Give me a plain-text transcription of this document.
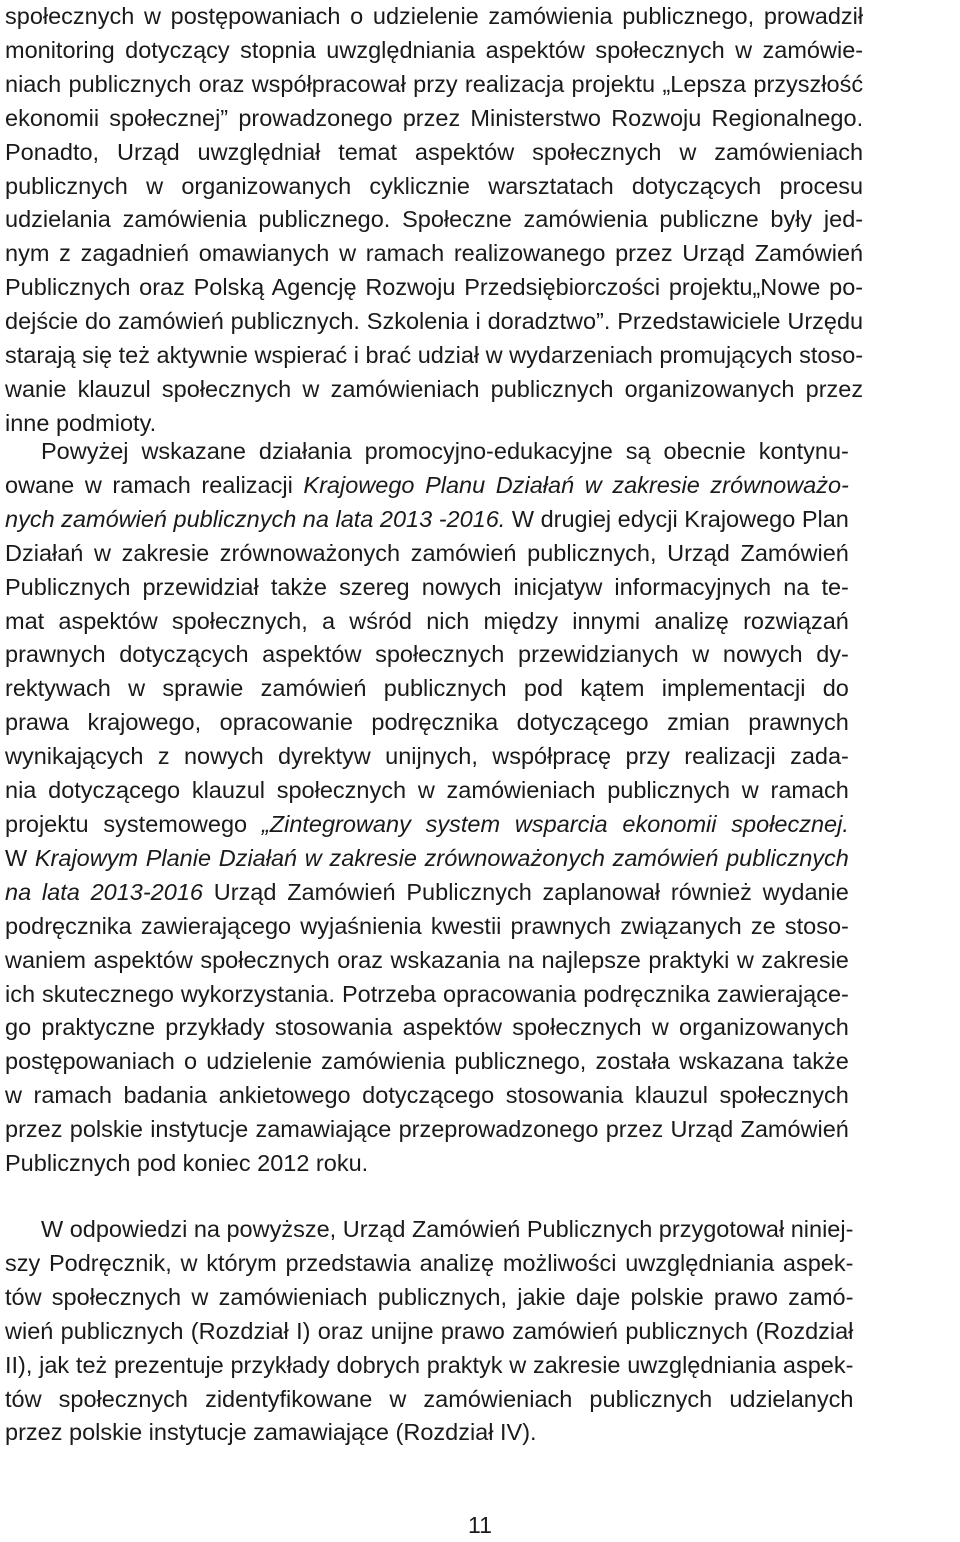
społecznych w postępowaniach o udzielenie zamówienia publicznego, prowadził
monitoring dotyczący stopnia uwzględniania aspektów społecznych w zamówie-
niach publicznych oraz współpracował przy realizacja projektu „Lepsza przyszłość
ekonomii społecznej” prowadzonego przez Ministerstwo Rozwoju Regionalnego.
Ponadto, Urząd uwzględniał temat aspektów społecznych w zamówieniach
publicznych w organizowanych cyklicznie warsztatach dotyczących procesu
udzielania zamówienia publicznego. Społeczne zamówienia publiczne były jed-
nym z zagadnień omawianych w ramach realizowanego przez Urząd Zamówień
Publicznych oraz Polską Agencję Rozwoju Przedsiębiorczości projektu„Nowe po-
dejście do zamówień publicznych. Szkolenia i doradztwo”. Przedstawiciele Urzędu
starają się też aktywnie wspierać i brać udział w wydarzeniach promujących stoso-
wanie klauzul społecznych w zamówieniach publicznych organizowanych przez
inne podmioty.

Powyżej wskazane działania promocyjno-edukacyjne są obecnie kontynu-
owane w ramach realizacji Krajowego Planu Działań w zakresie zrównoważo-
nych zamówień publicznych na lata 2013 -2016. W drugiej edycji Krajowego Plan
Działań w zakresie zrównoważonych zamówień publicznych, Urząd Zamówień
Publicznych przewidział także szereg nowych inicjatyw informacyjnych na te-
mat aspektów społecznych, a wśród nich między innymi analizę rozwiązań
prawnych dotyczących aspektów społecznych przewidzianych w nowych dy-
rektywach w sprawie zamówień publicznych pod kątem implementacji do
prawa krajowego, opracowanie podręcznika dotyczącego zmian prawnych
wynikających z nowych dyrektyw unijnych, współpracę przy realizacji zada-
nia dotyczącego klauzul społecznych w zamówieniach publicznych w ramach
projektu systemowego „Zintegrowany system wsparcia ekonomii społecznej.
W Krajowym Planie Działań w zakresie zrównoważonych zamówień publicznych
na lata 2013-2016 Urząd Zamówień Publicznych zaplanował również wydanie
podręcznika zawierającego wyjaśnienia kwestii prawnych związanych ze stoso-
waniem aspektów społecznych oraz wskazania na najlepsze praktyki w zakresie
ich skutecznego wykorzystania. Potrzeba opracowania podręcznika zawierające-
go praktyczne przykłady stosowania aspektów społecznych w organizowanych
postępowaniach o udzielenie zamówienia publicznego, została wskazana także
w ramach badania ankietowego dotyczącego stosowania klauzul społecznych
przez polskie instytucje zamawiające przeprowadzonego przez Urząd Zamówień
Publicznych pod koniec 2012 roku.

W odpowiedzi na powyższe, Urząd Zamówień Publicznych przygotował niniej-
szy Podręcznik, w którym przedstawia analizę możliwości uwzględniania aspek-
tów społecznych w zamówieniach publicznych, jakie daje polskie prawo zamó-
wień publicznych (Rozdział I) oraz unijne prawo zamówień publicznych (Rozdział
II), jak też prezentuje przykłady dobrych praktyk w zakresie uwzględniania aspek-
tów społecznych zidentyfikowane w zamówieniach publicznych udzielanych
przez polskie instytucje zamawiające (Rozdział IV).

11
